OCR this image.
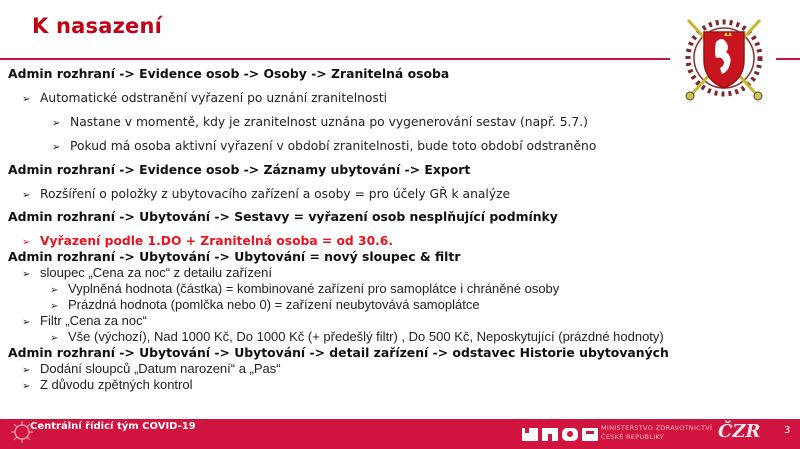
K nasazení
Admin rozhraní -> Evidence osob -> Osoby -> Zranitelná osoba
➢ Automatické odstranění vyřazení po uznání zranitelnosti
➢ Nastane v momentě, kdy je zranitelnost uznána po vygenerování sestav (např. 5.7.)
➢ Pokud má osoba aktivní vyřazení v období zranitelnosti, bude toto období odstraněno
Admin rozhraní -> Evidence osob -> Záznamy ubytování -> Export
➢ Rozšíření o položky z ubytovacího zařízení a osoby = pro účely GŘ k analýze
Admin rozhraní -> Ubytování -> Sestavy = vyřazení osob nesplňující podmínky
➢ Vyřazení podle 1.DO + Zranitelná osoba = od 30.6.
Admin rozhraní -> Ubytování -> Ubytování = nový sloupec & filtr
➢ sloupec „Cena za noc“ z detailu zařízení
➢ Vyplněná hodnota (částka) = kombinované zařízení pro samoplátce i chráněné osoby
➢ Prázdná hodnota (pomlčka nebo 0) = zařízení neubytovává samoplátce
➢ Filtr „Cena za noc“
➢ Vše (výchozí), Nad 1000 Kč, Do 1000 Kč (+ předešlý filtr) , Do 500 Kč, Neposkytující (prázdné hodnoty)
Admin rozhraní -> Ubytování -> Ubytování -> detail zařízení -> odstavec Historie ubytovaných
➢ Dodání sloupců „Datum narození“ a „Pas“
➢ Z důvodu zpětných kontrol
Centrální řídicí tým COVID-19	MINISTERSTVO ZDRAVOTNICTVÍ
ČESKÉ REPUBLIKY	ČZR 3
